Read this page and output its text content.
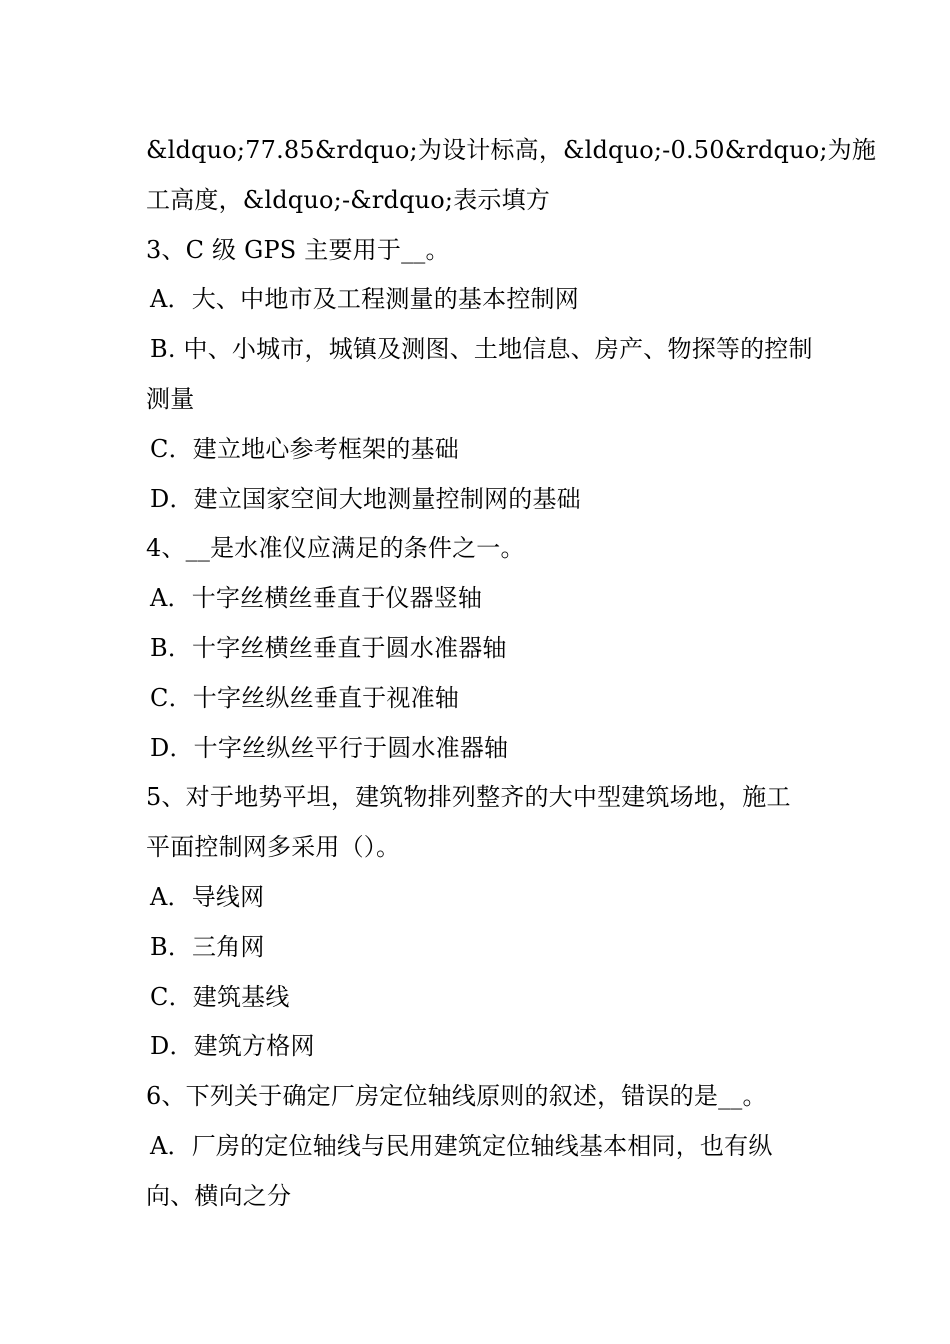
&ldquo;77.85&rdquo;为设计标高，&ldquo;-0.50&rdquo;为施
工高度，&ldquo;-&rdquo;表示填方
3、C 级 GPS 主要用于__。
A．大、中地市及工程测量的基本控制网
B. 中、小城市，城镇及测图、土地信息、房产、物探等的控制
测量
C．建立地心参考框架的基础
D．建立国家空间大地测量控制网的基础
4、__是水准仪应满足的条件之一。
A．十字丝横丝垂直于仪器竖轴
B．十字丝横丝垂直于圆水准器轴
C．十字丝纵丝垂直于视准轴
D．十字丝纵丝平行于圆水准器轴
5、对于地势平坦，建筑物排列整齐的大中型建筑场地，施工
平面控制网多采用（）。
A．导线网
B．三角网
C．建筑基线
D．建筑方格网
6、下列关于确定厂房定位轴线原则的叙述，错误的是__。
A．厂房的定位轴线与民用建筑定位轴线基本相同，也有纵
向、横向之分
